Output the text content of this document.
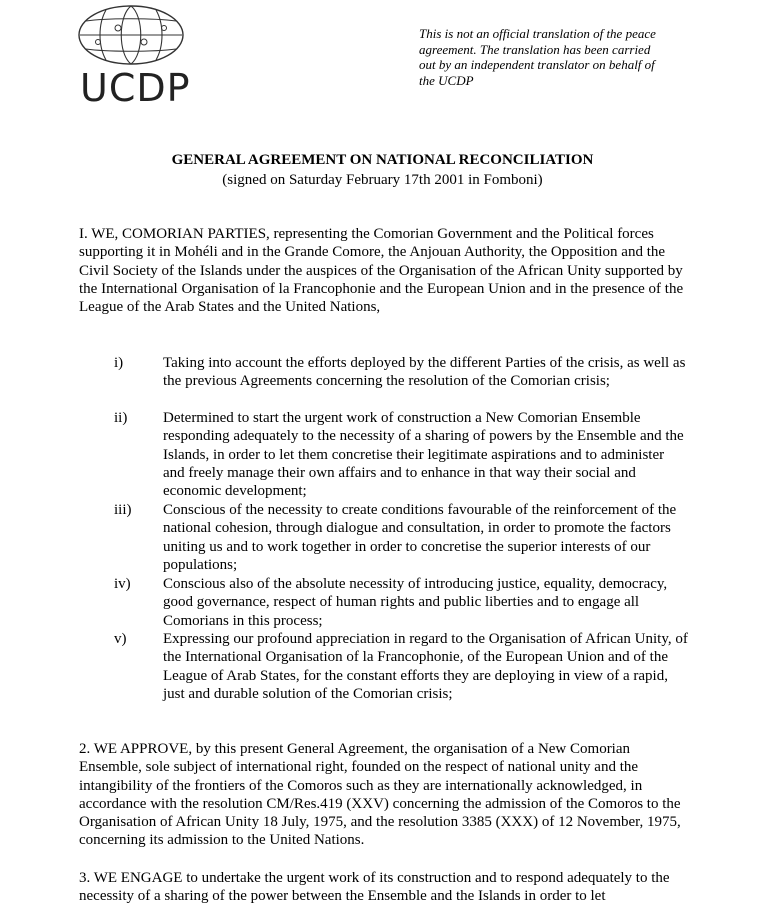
UCDP
This is not an official translation of the peace agreement. The translation has been carried out by an independent translator on behalf of the UCDP
GENERAL AGREEMENT ON NATIONAL RECONCILIATION
(signed on Saturday February 17th 2001 in Fomboni)
I. WE, COMORIAN PARTIES, representing the Comorian Government and the Political forces supporting it in Mohéli and in the Grande Comore, the Anjouan Authority, the Opposition and the Civil Society of the Islands under the auspices of the Organisation of the African Unity supported by the International Organisation of la Francophonie and the European Union and in the presence of the League of the Arab States and the United Nations,
i)	Taking into account the efforts deployed by the different Parties of the crisis, as well as the previous Agreements concerning the resolution of the Comorian crisis;
ii) Determined to start the urgent work of construction a New Comorian Ensemble responding adequately to the necessity of a sharing of powers by the Ensemble and the Islands, in order to let them concretise their legitimate aspirations and to administer and freely manage their own affairs and to enhance in that way their social and economic development;
iii) Conscious of the necessity to create conditions favourable of the reinforcement of the national cohesion, through dialogue and consultation, in order to promote the factors uniting us and to work together in order to concretise the superior interests of our populations;
iv) Conscious also of the absolute necessity of introducing justice, equality, democracy, good governance, respect of human rights and public liberties and to engage all Comorians in this process;
v) Expressing our profound appreciation in regard to the Organisation of African Unity, of the International Organisation of la Francophonie, of the European Union and of the League of Arab States, for the constant efforts they are deploying in view of a rapid, just and durable solution of the Comorian crisis;
2. WE APPROVE, by this present General Agreement, the organisation of a New Comorian Ensemble, sole subject of international right, founded on the respect of national unity and the intangibility of the frontiers of the Comoros such as they are internationally acknowledged, in accordance with the resolution CM/Res.419 (XXV) concerning the admission of the Comoros to the Organisation of African Unity 18 July, 1975, and the resolution 3385 (XXX) of 12 November, 1975, concerning its admission to the United Nations.
3. WE ENGAGE to undertake the urgent work of its construction and to respond adequately to the necessity of a sharing of the power between the Ensemble and the Islands in order to let
